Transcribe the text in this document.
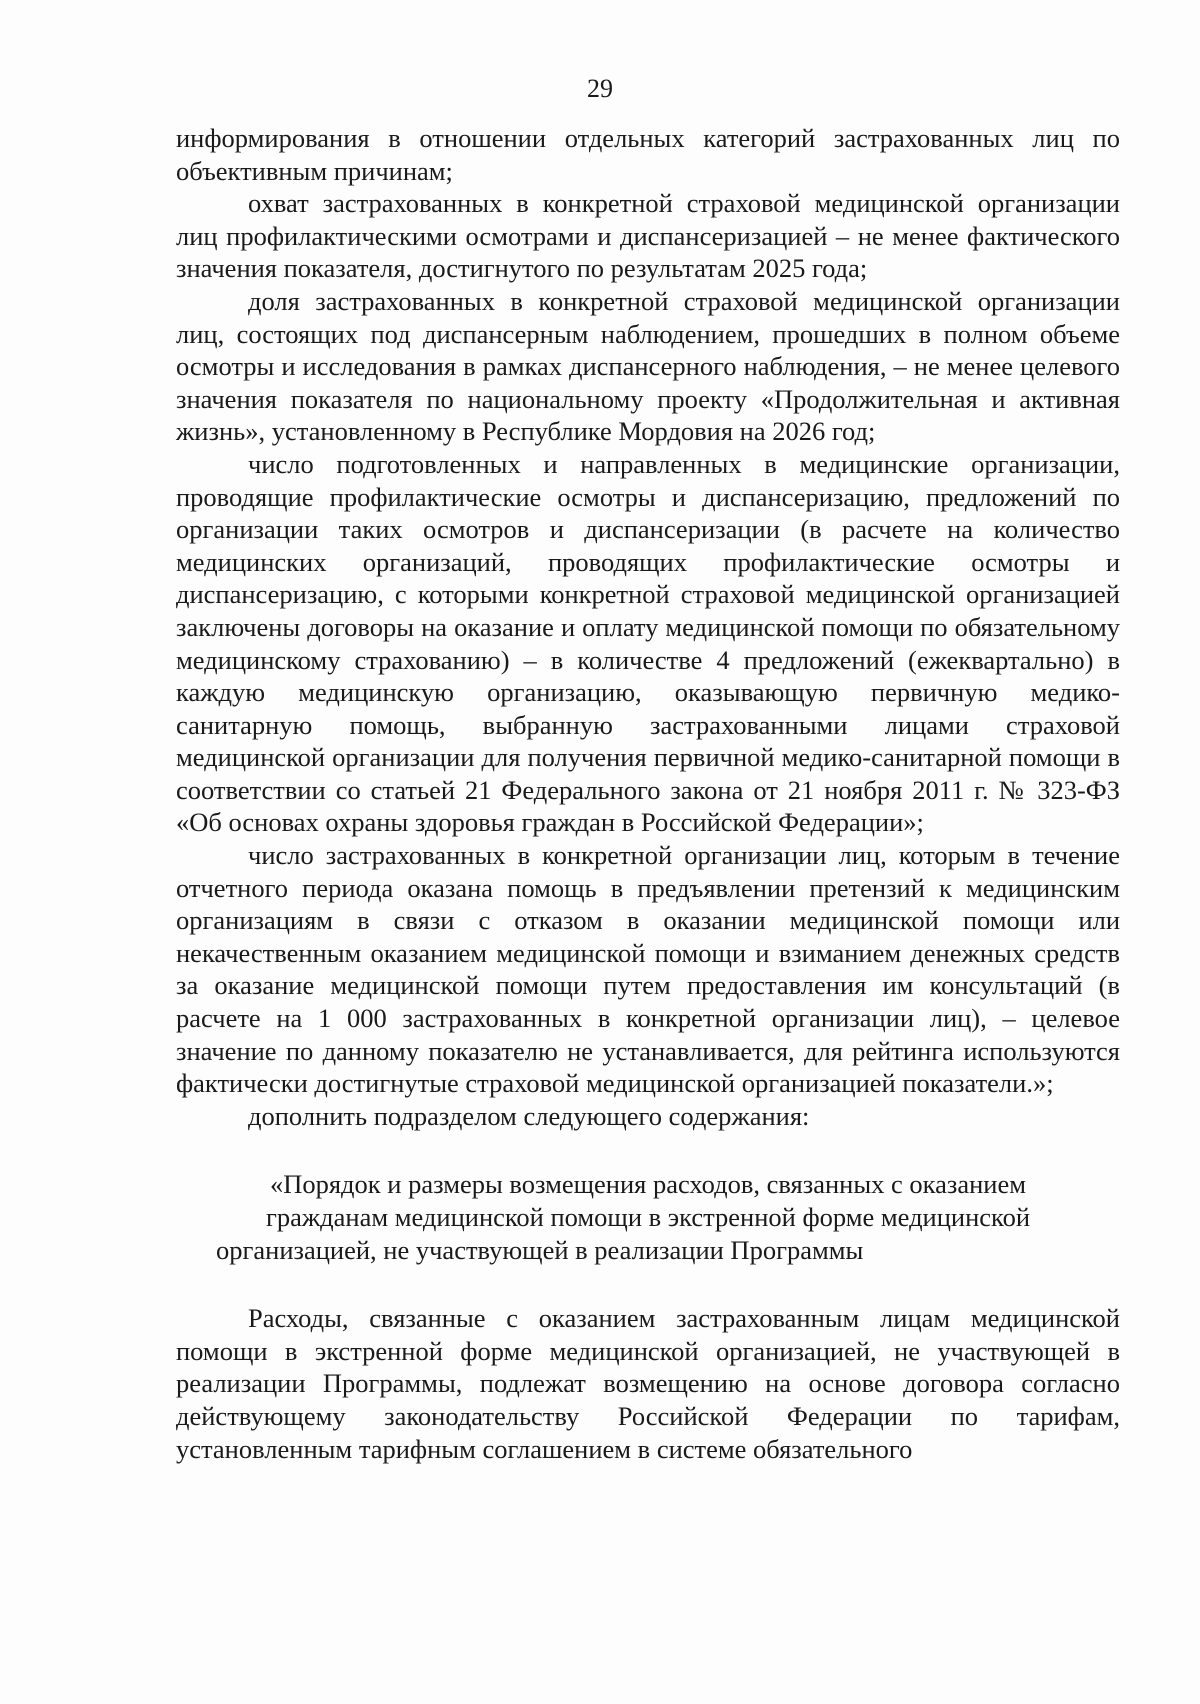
29

информирования в отношении отдельных категорий застрахованных лиц по объективным причинам;

охват застрахованных в конкретной страховой медицинской организации лиц профилактическими осмотрами и диспансеризацией – не менее фактического значения показателя, достигнутого по результатам 2025 года;

доля застрахованных в конкретной страховой медицинской организации лиц, состоящих под диспансерным наблюдением, прошедших в полном объеме осмотры и исследования в рамках диспансерного наблюдения, – не менее целевого значения показателя по национальному проекту «Продолжительная и активная жизнь», установленному в Республике Мордовия на 2026 год;

число подготовленных и направленных в медицинские организации, проводящие профилактические осмотры и диспансеризацию, предложений по организации таких осмотров и диспансеризации (в расчете на количество медицинских организаций, проводящих профилактические осмотры и диспансеризацию, с которыми конкретной страховой медицинской организацией заключены договоры на оказание и оплату медицинской помощи по обязательному медицинскому страхованию) – в количестве 4 предложений (ежеквартально) в каждую медицинскую организацию, оказывающую первичную медико-санитарную помощь, выбранную застрахованными лицами страховой медицинской организации для получения первичной медико-санитарной помощи в соответствии со статьей 21 Федерального закона от 21 ноября 2011 г. № 323-ФЗ «Об основах охраны здоровья граждан в Российской Федерации»;

число застрахованных в конкретной организации лиц, которым в течение отчетного периода оказана помощь в предъявлении претензий к медицинским организациям в связи с отказом в оказании медицинской помощи или некачественным оказанием медицинской помощи и взиманием денежных средств за оказание медицинской помощи путем предоставления им консультаций (в расчете на 1 000 застрахованных в конкретной организации лиц), – целевое значение по данному показателю не устанавливается, для рейтинга используются фактически достигнутые страховой медицинской организацией показатели.»;

дополнить подразделом следующего содержания:

«Порядок и размеры возмещения расходов, связанных с оказанием гражданам медицинской помощи в экстренной форме медицинской организацией, не участвующей в реализации Программы

Расходы, связанные с оказанием застрахованным лицам медицинской помощи в экстренной форме медицинской организацией, не участвующей в реализации Программы, подлежат возмещению на основе договора согласно действующему законодательству Российской Федерации по тарифам, установленным тарифным соглашением в системе обязательного
